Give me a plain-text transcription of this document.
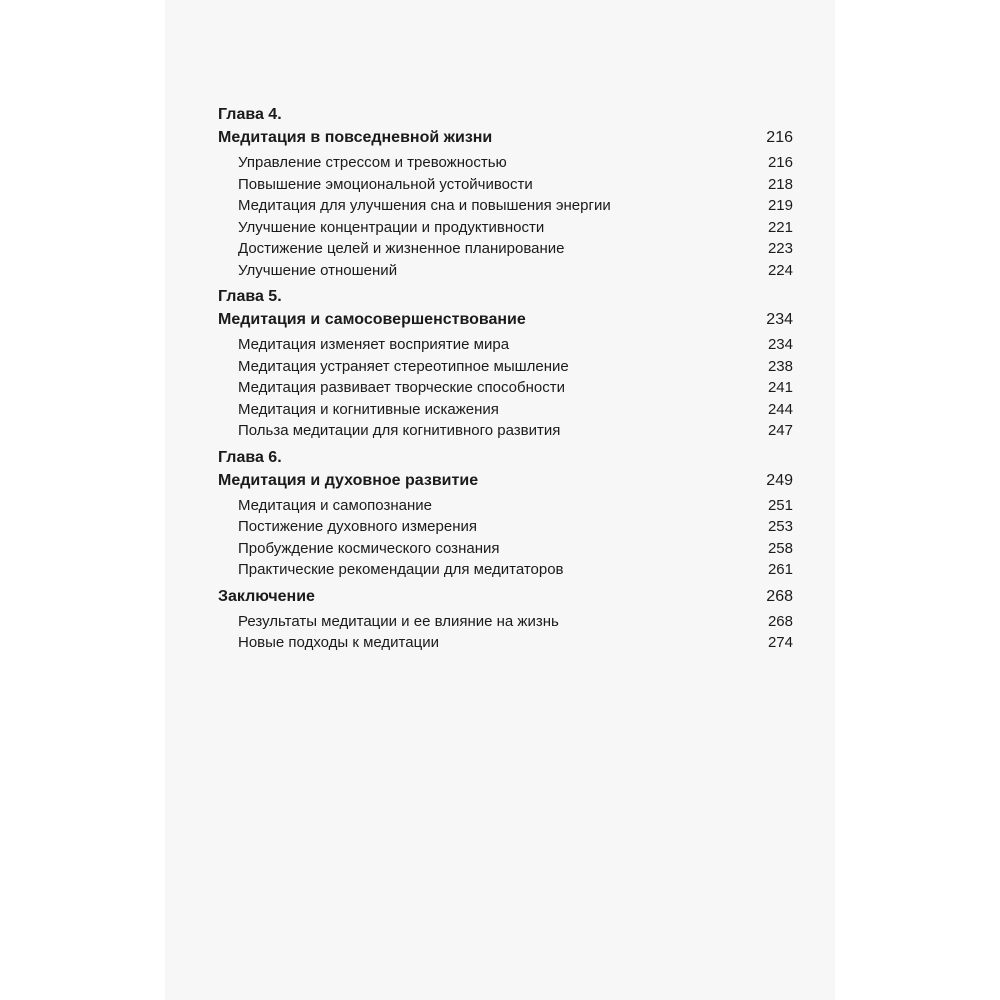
Глава 4.
Медитация в повседневной жизни	216
Управление стрессом и тревожностью	216
Повышение эмоциональной устойчивости	218
Медитация для улучшения сна и повышения энергии	219
Улучшение концентрации и продуктивности	221
Достижение целей и жизненное планирование	223
Улучшение отношений	224
Глава 5.
Медитация и самосовершенствование	234
Медитация изменяет восприятие мира	234
Медитация устраняет стереотипное мышление	238
Медитация развивает творческие способности	241
Медитация и когнитивные искажения	244
Польза медитации для когнитивного развития	247
Глава 6.
Медитация и духовное развитие	249
Медитация и самопознание	251
Постижение духовного измерения	253
Пробуждение космического сознания	258
Практические рекомендации для медитаторов	261
Заключение	268
Результаты медитации и ее влияние на жизнь	268
Новые подходы к медитации	274
